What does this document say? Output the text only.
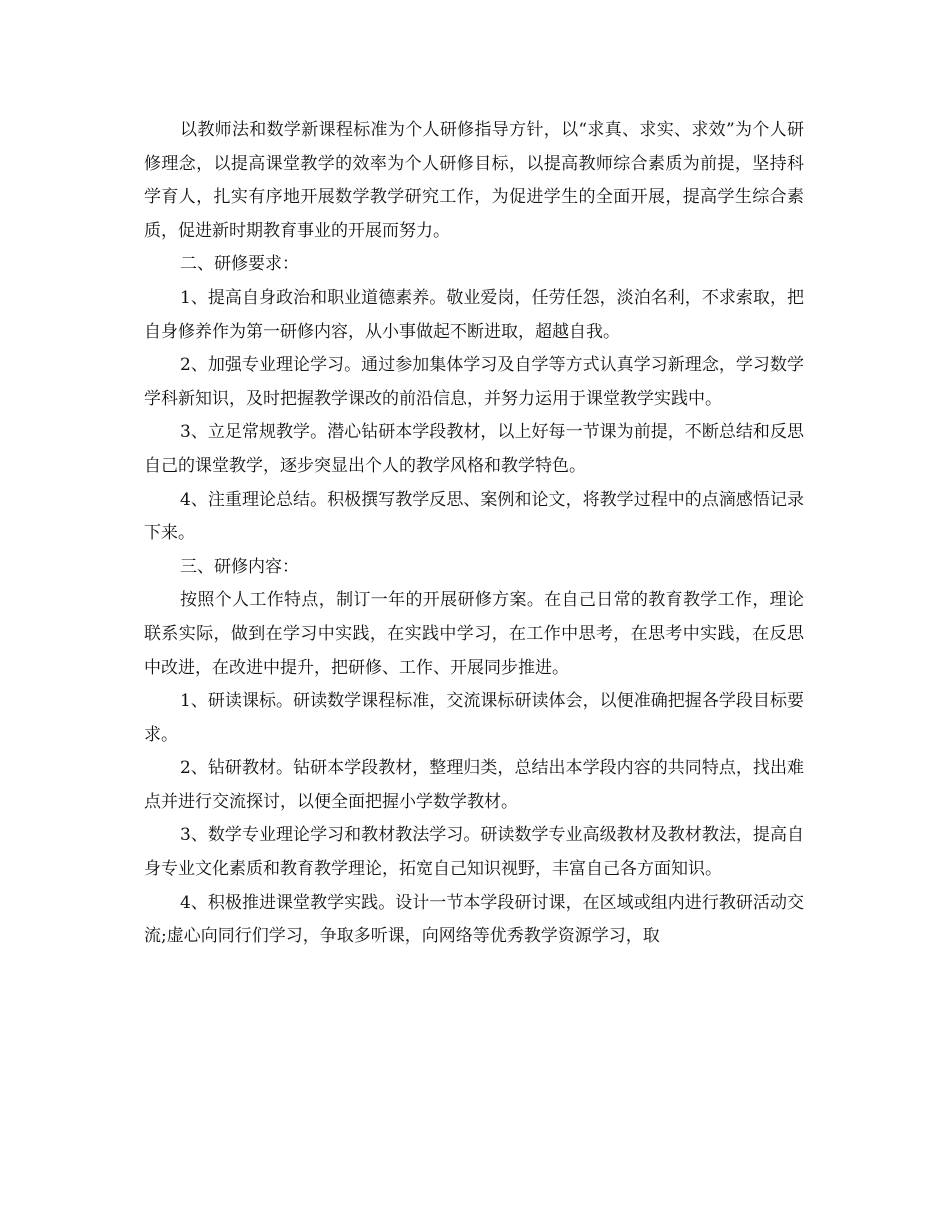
以教师法和数学新课程标准为个人研修指导方针，以“求真、求实、求效”为个人研修理念，以提高课堂教学的效率为个人研修目标，以提高教师综合素质为前提，坚持科学育人，扎实有序地开展数学教学研究工作，为促进学生的全面开展，提高学生综合素质，促进新时期教育事业的开展而努力。

二、研修要求：

1、提高自身政治和职业道德素养。敬业爱岗，任劳任怨，淡泊名利，不求索取，把自身修养作为第一研修内容，从小事做起不断进取，超越自我。

2、加强专业理论学习。通过参加集体学习及自学等方式认真学习新理念，学习数学学科新知识，及时把握教学课改的前沿信息，并努力运用于课堂教学实践中。

3、立足常规教学。潜心钻研本学段教材，以上好每一节课为前提，不断总结和反思自己的课堂教学，逐步突显出个人的教学风格和教学特色。

4、注重理论总结。积极撰写教学反思、案例和论文，将教学过程中的点滴感悟记录下来。

三、研修内容：

按照个人工作特点，制订一年的开展研修方案。在自己日常的教育教学工作，理论联系实际，做到在学习中实践，在实践中学习，在工作中思考，在思考中实践，在反思中改进，在改进中提升，把研修、工作、开展同步推进。

1、研读课标。研读数学课程标准，交流课标研读体会，以便准确把握各学段目标要求。

2、钻研教材。钻研本学段教材，整理归类，总结出本学段内容的共同特点，找出难点并进行交流探讨，以便全面把握小学数学教材。

3、数学专业理论学习和教材教法学习。研读数学专业高级教材及教材教法，提高自身专业文化素质和教育教学理论，拓宽自己知识视野，丰富自己各方面知识。

4、积极推进课堂教学实践。设计一节本学段研讨课，在区域或组内进行教研活动交流;虚心向同行们学习，争取多听课，向网络等优秀教学资源学习，取
